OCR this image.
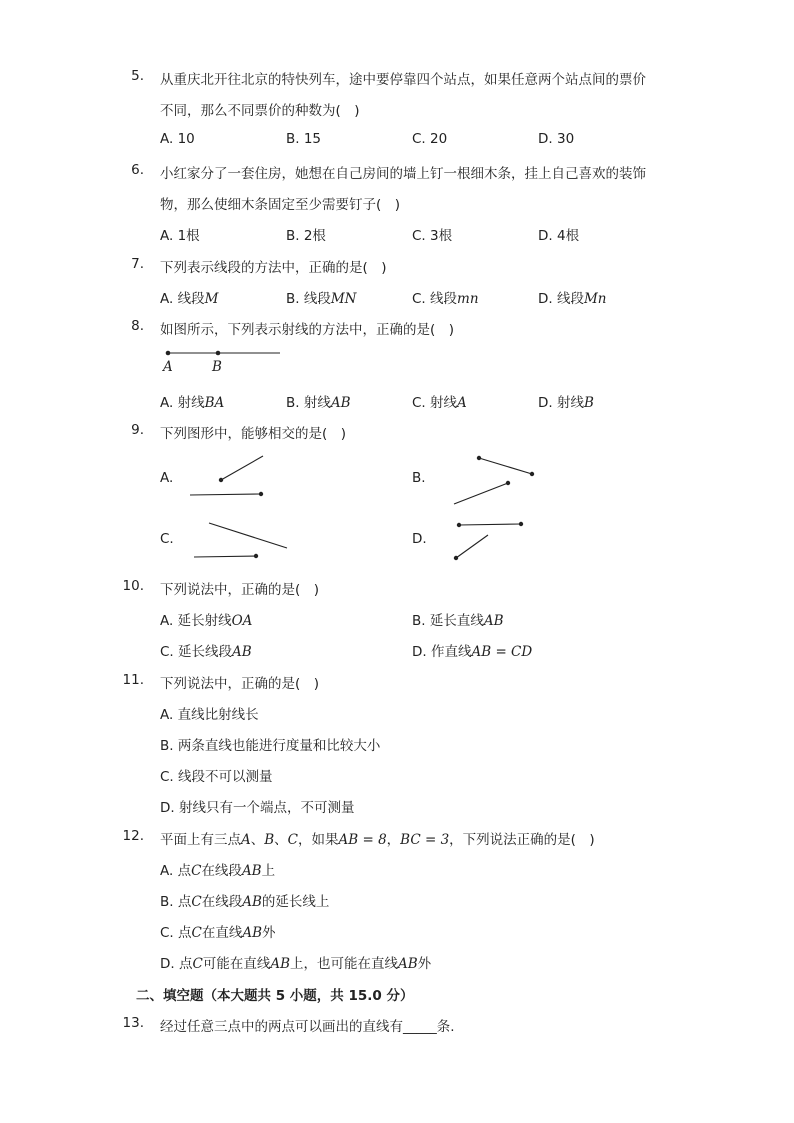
5. 从重庆北开往北京的特快列车，途中要停靠四个站点，如果任意两个站点间的票价
不同，那么不同票价的种数为(　)
A. 10	B. 15	C. 20	D. 30
6. 小红家分了一套住房，她想在自己房间的墙上钉一根细木条，挂上自己喜欢的装饰
物，那么使细木条固定至少需要钉子(　)
A. 1根	B. 2根	C. 3根	D. 4根
7. 下列表示线段的方法中，正确的是(　)
A. 线段M	B. 线段MN	C. 线段mn	D. 线段Mn
8. 如图所示，下列表示射线的方法中，正确的是(　)
A	B
A. 射线BA	B. 射线AB	C. 射线A	D. 射线B
9. 下列图形中，能够相交的是(　)
A.	B.
C.	D.
10. 下列说法中，正确的是(　)
A. 延长射线OA	B. 延长直线AB
C. 延长线段AB	D. 作直线AB = CD
11. 下列说法中，正确的是(　)
A. 直线比射线长
B. 两条直线也能进行度量和比较大小
C. 线段不可以测量
D. 射线只有一个端点，不可测量
12. 平面上有三点A、B、C，如果AB = 8，BC = 3，下列说法正确的是(　)
A. 点C在线段AB上
B. 点C在线段AB的延长线上
C. 点C在直线AB外
D. 点C可能在直线AB上，也可能在直线AB外
二、填空题（本大题共 5 小题，共 15.0 分）
13. 经过任意三点中的两点可以画出的直线有_____条.
